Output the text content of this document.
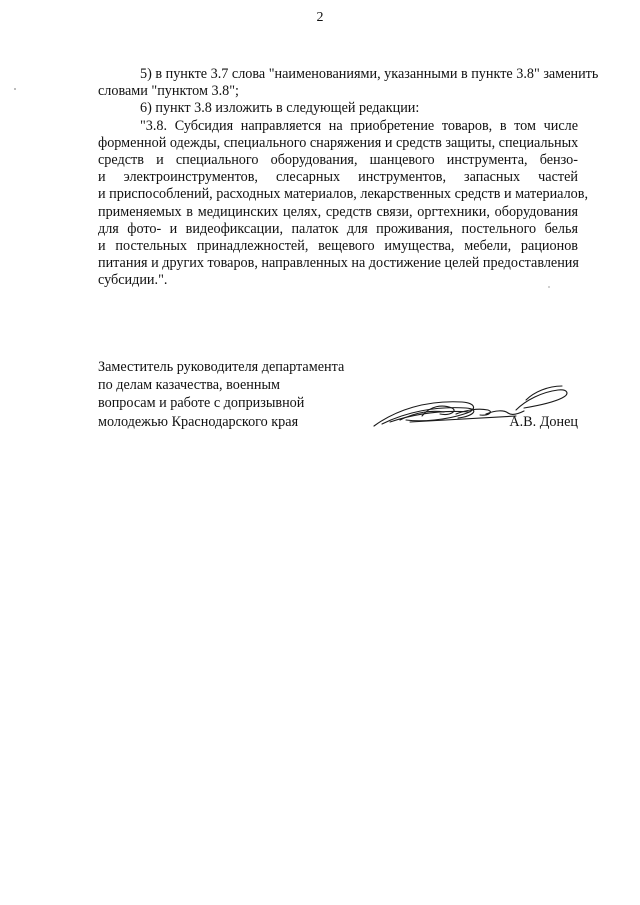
2
5) в пункте 3.7 слова "наименованиями, указанными в пункте 3.8" заменить
словами "пунктом 3.8";
6) пункт 3.8 изложить в следующей редакции:
"3.8. Субсидия направляется на приобретение товаров, в том числе
форменной одежды, специального снаряжения и средств защиты, специальных
средств и специального оборудования, шанцевого инструмента, бензо-
и электроинструментов, слесарных инструментов, запасных частей
и приспособлений, расходных материалов, лекарственных средств и материалов,
применяемых в медицинских целях, средств связи, оргтехники, оборудования
для фото- и видеофиксации, палаток для проживания, постельного белья
и постельных принадлежностей, вещевого имущества, мебели, рационов
питания и других товаров, направленных на достижение целей предоставления
субсидии.".
Заместитель руководителя департамента
по делам казачества, военным
вопросам и работе с допризывной
молодежью Краснодарского края	А.В. Донец
